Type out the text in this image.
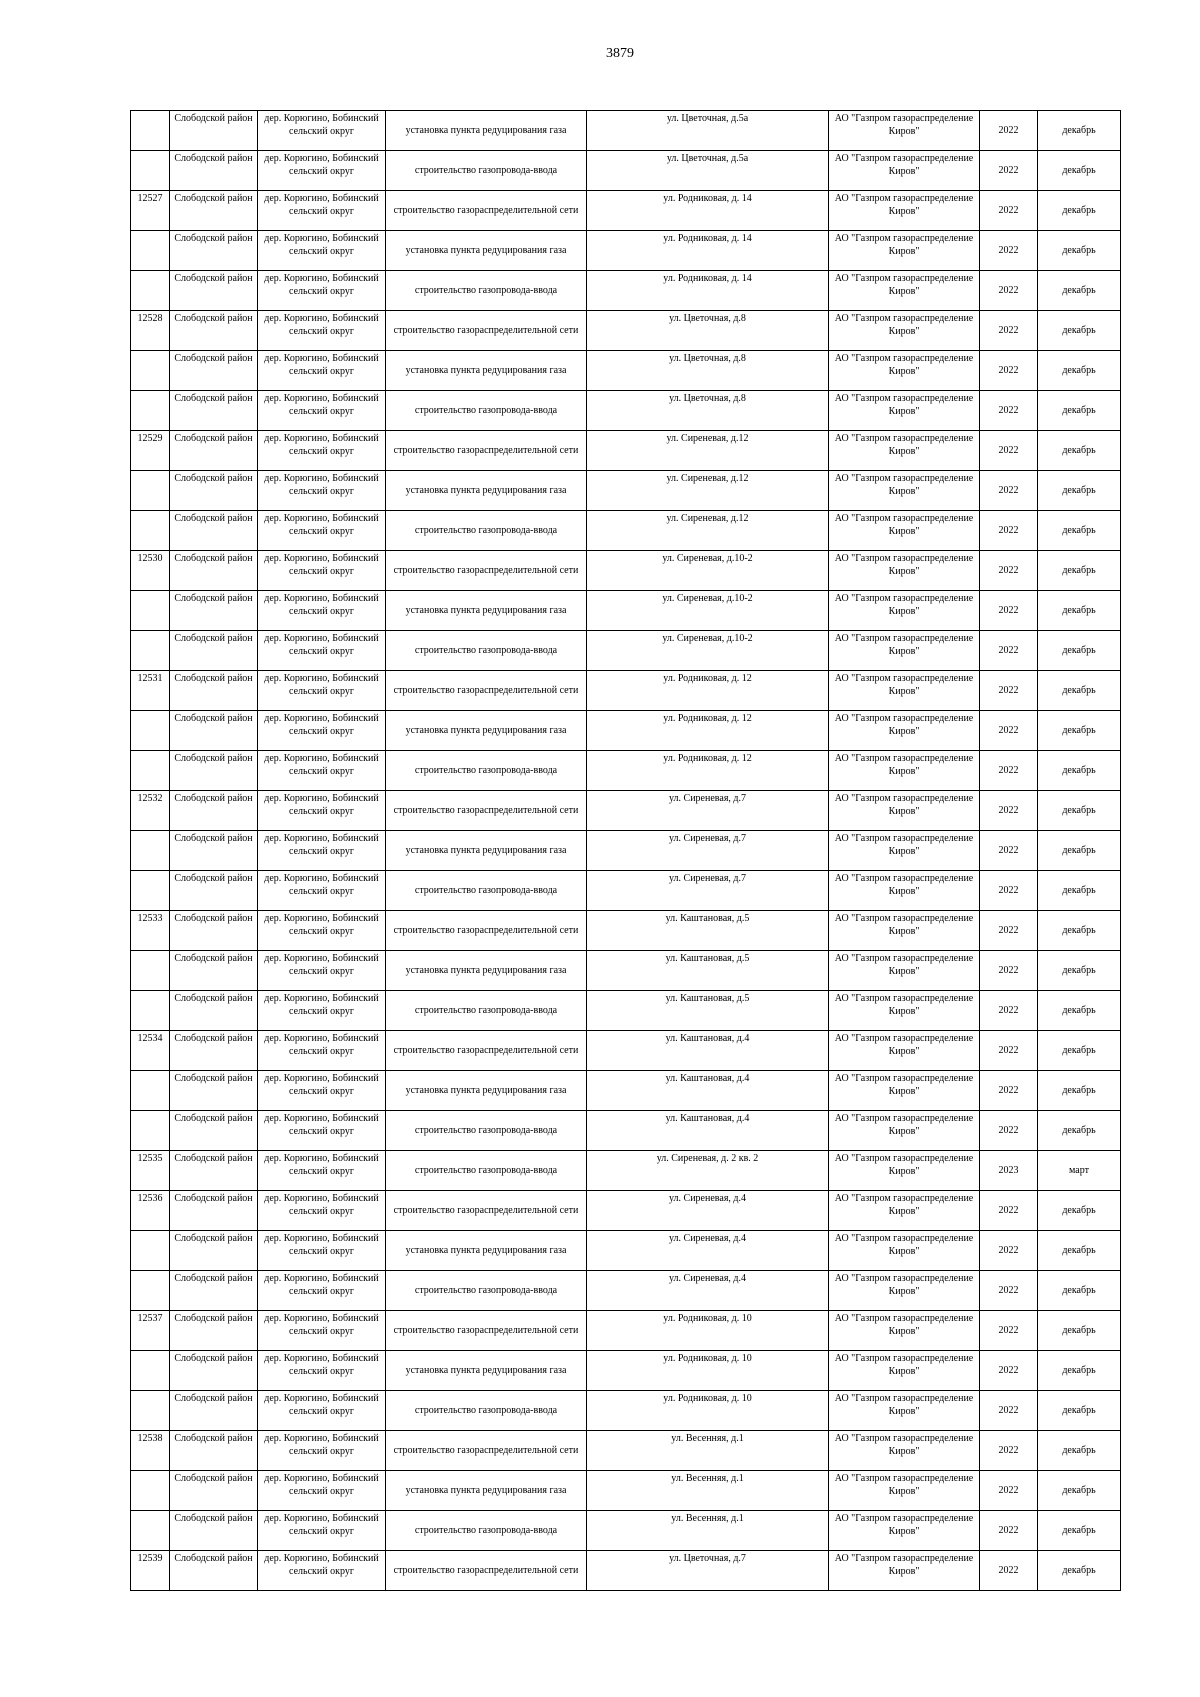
3879
	Слободской район	дер. Корюгино, Бобинский сельский округ	установка пункта редуцирования газа	ул. Цветочная, д.5а	АО "Газпром газораспределение Киров"	2022	декабрь
	Слободской район	дер. Корюгино, Бобинский сельский округ	строительство газопровода-ввода	ул. Цветочная, д.5а	АО "Газпром газораспределение Киров"	2022	декабрь
12527	Слободской район	дер. Корюгино, Бобинский сельский округ	строительство газораспределительной сети	ул. Родниковая, д. 14	АО "Газпром газораспределение Киров"	2022	декабрь
	Слободской район	дер. Корюгино, Бобинский сельский округ	установка пункта редуцирования газа	ул. Родниковая, д. 14	АО "Газпром газораспределение Киров"	2022	декабрь
	Слободской район	дер. Корюгино, Бобинский сельский округ	строительство газопровода-ввода	ул. Родниковая, д. 14	АО "Газпром газораспределение Киров"	2022	декабрь
12528	Слободской район	дер. Корюгино, Бобинский сельский округ	строительство газораспределительной сети	ул. Цветочная, д.8	АО "Газпром газораспределение Киров"	2022	декабрь
	Слободской район	дер. Корюгино, Бобинский сельский округ	установка пункта редуцирования газа	ул. Цветочная, д.8	АО "Газпром газораспределение Киров"	2022	декабрь
	Слободской район	дер. Корюгино, Бобинский сельский округ	строительство газопровода-ввода	ул. Цветочная, д.8	АО "Газпром газораспределение Киров"	2022	декабрь
12529	Слободской район	дер. Корюгино, Бобинский сельский округ	строительство газораспределительной сети	ул. Сиреневая, д.12	АО "Газпром газораспределение Киров"	2022	декабрь
	Слободской район	дер. Корюгино, Бобинский сельский округ	установка пункта редуцирования газа	ул. Сиреневая, д.12	АО "Газпром газораспределение Киров"	2022	декабрь
	Слободской район	дер. Корюгино, Бобинский сельский округ	строительство газопровода-ввода	ул. Сиреневая, д.12	АО "Газпром газораспределение Киров"	2022	декабрь
12530	Слободской район	дер. Корюгино, Бобинский сельский округ	строительство газораспределительной сети	ул. Сиреневая, д.10-2	АО "Газпром газораспределение Киров"	2022	декабрь
	Слободской район	дер. Корюгино, Бобинский сельский округ	установка пункта редуцирования газа	ул. Сиреневая, д.10-2	АО "Газпром газораспределение Киров"	2022	декабрь
	Слободской район	дер. Корюгино, Бобинский сельский округ	строительство газопровода-ввода	ул. Сиреневая, д.10-2	АО "Газпром газораспределение Киров"	2022	декабрь
12531	Слободской район	дер. Корюгино, Бобинский сельский округ	строительство газораспределительной сети	ул. Родниковая, д. 12	АО "Газпром газораспределение Киров"	2022	декабрь
	Слободской район	дер. Корюгино, Бобинский сельский округ	установка пункта редуцирования газа	ул. Родниковая, д. 12	АО "Газпром газораспределение Киров"	2022	декабрь
	Слободской район	дер. Корюгино, Бобинский сельский округ	строительство газопровода-ввода	ул. Родниковая, д. 12	АО "Газпром газораспределение Киров"	2022	декабрь
12532	Слободской район	дер. Корюгино, Бобинский сельский округ	строительство газораспределительной сети	ул. Сиреневая, д.7	АО "Газпром газораспределение Киров"	2022	декабрь
	Слободской район	дер. Корюгино, Бобинский сельский округ	установка пункта редуцирования газа	ул. Сиреневая, д.7	АО "Газпром газораспределение Киров"	2022	декабрь
	Слободской район	дер. Корюгино, Бобинский сельский округ	строительство газопровода-ввода	ул. Сиреневая, д.7	АО "Газпром газораспределение Киров"	2022	декабрь
12533	Слободской район	дер. Корюгино, Бобинский сельский округ	строительство газораспределительной сети	ул. Каштановая, д.5	АО "Газпром газораспределение Киров"	2022	декабрь
	Слободской район	дер. Корюгино, Бобинский сельский округ	установка пункта редуцирования газа	ул. Каштановая, д.5	АО "Газпром газораспределение Киров"	2022	декабрь
	Слободской район	дер. Корюгино, Бобинский сельский округ	строительство газопровода-ввода	ул. Каштановая, д.5	АО "Газпром газораспределение Киров"	2022	декабрь
12534	Слободской район	дер. Корюгино, Бобинский сельский округ	строительство газораспределительной сети	ул. Каштановая, д.4	АО "Газпром газораспределение Киров"	2022	декабрь
	Слободской район	дер. Корюгино, Бобинский сельский округ	установка пункта редуцирования газа	ул. Каштановая, д.4	АО "Газпром газораспределение Киров"	2022	декабрь
	Слободской район	дер. Корюгино, Бобинский сельский округ	строительство газопровода-ввода	ул. Каштановая, д.4	АО "Газпром газораспределение Киров"	2022	декабрь
12535	Слободской район	дер. Корюгино, Бобинский сельский округ	строительство газопровода-ввода	ул. Сиреневая, д. 2 кв. 2	АО "Газпром газораспределение Киров"	2023	март
12536	Слободской район	дер. Корюгино, Бобинский сельский округ	строительство газораспределительной сети	ул. Сиреневая, д.4	АО "Газпром газораспределение Киров"	2022	декабрь
	Слободской район	дер. Корюгино, Бобинский сельский округ	установка пункта редуцирования газа	ул. Сиреневая, д.4	АО "Газпром газораспределение Киров"	2022	декабрь
	Слободской район	дер. Корюгино, Бобинский сельский округ	строительство газопровода-ввода	ул. Сиреневая, д.4	АО "Газпром газораспределение Киров"	2022	декабрь
12537	Слободской район	дер. Корюгино, Бобинский сельский округ	строительство газораспределительной сети	ул. Родниковая, д. 10	АО "Газпром газораспределение Киров"	2022	декабрь
	Слободской район	дер. Корюгино, Бобинский сельский округ	установка пункта редуцирования газа	ул. Родниковая, д. 10	АО "Газпром газораспределение Киров"	2022	декабрь
	Слободской район	дер. Корюгино, Бобинский сельский округ	строительство газопровода-ввода	ул. Родниковая, д. 10	АО "Газпром газораспределение Киров"	2022	декабрь
12538	Слободской район	дер. Корюгино, Бобинский сельский округ	строительство газораспределительной сети	ул. Весенняя, д.1	АО "Газпром газораспределение Киров"	2022	декабрь
	Слободской район	дер. Корюгино, Бобинский сельский округ	установка пункта редуцирования газа	ул. Весенняя, д.1	АО "Газпром газораспределение Киров"	2022	декабрь
	Слободской район	дер. Корюгино, Бобинский сельский округ	строительство газопровода-ввода	ул. Весенняя, д.1	АО "Газпром газораспределение Киров"	2022	декабрь
12539	Слободской район	дер. Корюгино, Бобинский сельский округ	строительство газораспределительной сети	ул. Цветочная, д.7	АО "Газпром газораспределение Киров"	2022	декабрь
